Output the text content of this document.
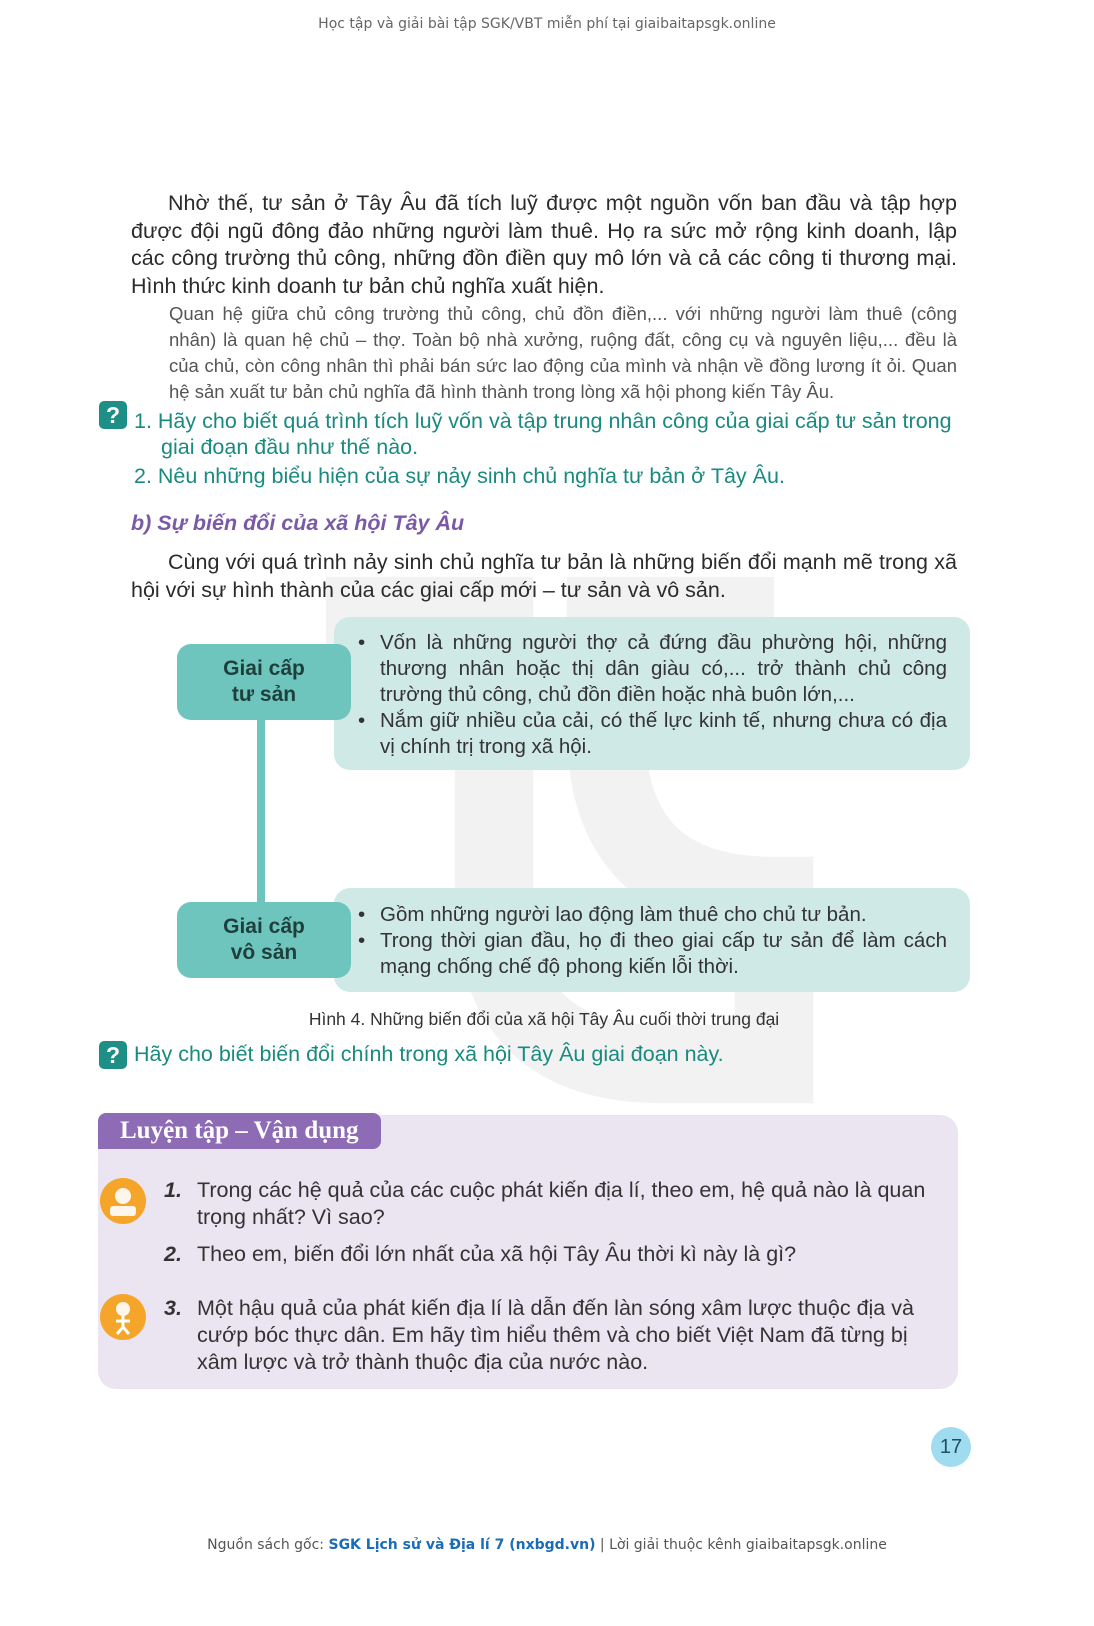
Học tập và giải bài tập SGK/VBT miễn phí tại giaibaitapsgk.online
Nhờ thế, tư sản ở Tây Âu đã tích luỹ được một nguồn vốn ban đầu và tập hợp được đội ngũ đông đảo những người làm thuê. Họ ra sức mở rộng kinh doanh, lập các công trường thủ công, những đồn điền quy mô lớn và cả các công ti thương mại. Hình thức kinh doanh tư bản chủ nghĩa xuất hiện.
Quan hệ giữa chủ công trường thủ công, chủ đồn điền,... với những người làm thuê (công nhân) là quan hệ chủ – thợ. Toàn bộ nhà xưởng, ruộng đất, công cụ và nguyên liệu,... đều là của chủ, còn công nhân thì phải bán sức lao động của mình và nhận về đồng lương ít ỏi. Quan hệ sản xuất tư bản chủ nghĩa đã hình thành trong lòng xã hội phong kiến Tây Âu.
? 1. Hãy cho biết quá trình tích luỹ vốn và tập trung nhân công của giai cấp tư sản trong giai đoạn đầu như thế nào.
2. Nêu những biểu hiện của sự nảy sinh chủ nghĩa tư bản ở Tây Âu.
b) Sự biến đổi của xã hội Tây Âu
Cùng với quá trình nảy sinh chủ nghĩa tư bản là những biến đổi mạnh mẽ trong xã hội với sự hình thành của các giai cấp mới – tư sản và vô sản.
• Vốn là những người thợ cả đứng đầu phường hội, những thương nhân hoặc thị dân giàu có,... trở thành chủ công trường thủ công, chủ đồn điền hoặc nhà buôn lớn,...
• Nắm giữ nhiều của cải, có thế lực kinh tế, nhưng chưa có địa vị chính trị trong xã hội.
Giai cấp
tư sản
• Gồm những người lao động làm thuê cho chủ tư bản.
• Trong thời gian đầu, họ đi theo giai cấp tư sản để làm cách mạng chống chế độ phong kiến lỗi thời.
Giai cấp
vô sản
Hình 4. Những biến đổi của xã hội Tây Âu cuối thời trung đại
? Hãy cho biết biến đổi chính trong xã hội Tây Âu giai đoạn này.
Luyện tập – Vận dụng
1. Trong các hệ quả của các cuộc phát kiến địa lí, theo em, hệ quả nào là quan trọng nhất? Vì sao?
2. Theo em, biến đổi lớn nhất của xã hội Tây Âu thời kì này là gì?
3. Một hậu quả của phát kiến địa lí là dẫn đến làn sóng xâm lược thuộc địa và cướp bóc thực dân. Em hãy tìm hiểu thêm và cho biết Việt Nam đã từng bị xâm lược và trở thành thuộc địa của nước nào.
17
Nguồn sách gốc: SGK Lịch sử và Địa lí 7 (nxbgd.vn) | Lời giải thuộc kênh giaibaitapsgk.online
